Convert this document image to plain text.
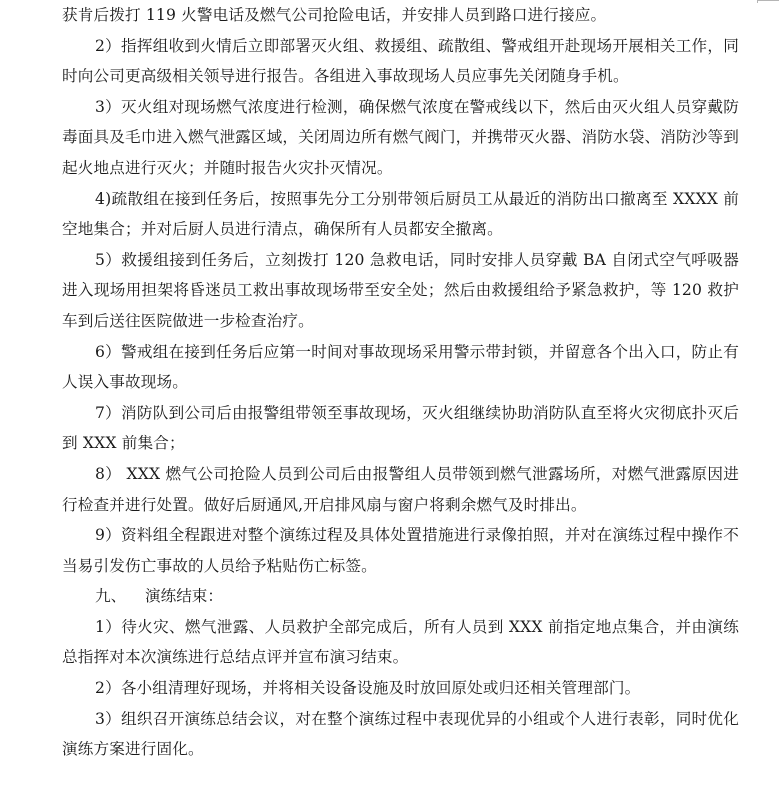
获肯后拨打 119 火警电话及燃气公司抢险电话，并安排人员到路口进行接应。

2）指挥组收到火情后立即部署灭火组、救援组、疏散组、警戒组开赴现场开展相关工作，同时向公司更高级相关领导进行报告。各组进入事故现场人员应事先关闭随身手机。

3）灭火组对现场燃气浓度进行检测，确保燃气浓度在警戒线以下，然后由灭火组人员穿戴防毒面具及毛巾进入燃气泄露区域，关闭周边所有燃气阀门，并携带灭火器、消防水袋、消防沙等到起火地点进行灭火；并随时报告火灾扑灭情况。

4)疏散组在接到任务后，按照事先分工分别带领后厨员工从最近的消防出口撤离至 XXXX 前空地集合；并对后厨人员进行清点，确保所有人员都安全撤离。

5）救援组接到任务后，立刻拨打 120 急救电话，同时安排人员穿戴 BA 自闭式空气呼吸器进入现场用担架将昏迷员工救出事故现场带至安全处；然后由救援组给予紧急救护，等 120 救护车到后送往医院做进一步检查治疗。

6）警戒组在接到任务后应第一时间对事故现场采用警示带封锁，并留意各个出入口，防止有人误入事故现场。

7）消防队到公司后由报警组带领至事故现场，灭火组继续协助消防队直至将火灾彻底扑灭后到 XXX 前集合；

8） XXX 燃气公司抢险人员到公司后由报警组人员带领到燃气泄露场所，对燃气泄露原因进行检查并进行处置。做好后厨通风,开启排风扇与窗户将剩余燃气及时排出。

9）资料组全程跟进对整个演练过程及具体处置措施进行录像拍照，并对在演练过程中操作不当易引发伤亡事故的人员给予粘贴伤亡标签。

九、	演练结束：

1）待火灾、燃气泄露、人员救护全部完成后，所有人员到 XXX 前指定地点集合，并由演练总指挥对本次演练进行总结点评并宣布演习结束。

2）各小组清理好现场，并将相关设备设施及时放回原处或归还相关管理部门。

3）组织召开演练总结会议，对在整个演练过程中表现优异的小组或个人进行表彰，同时优化演练方案进行固化。
